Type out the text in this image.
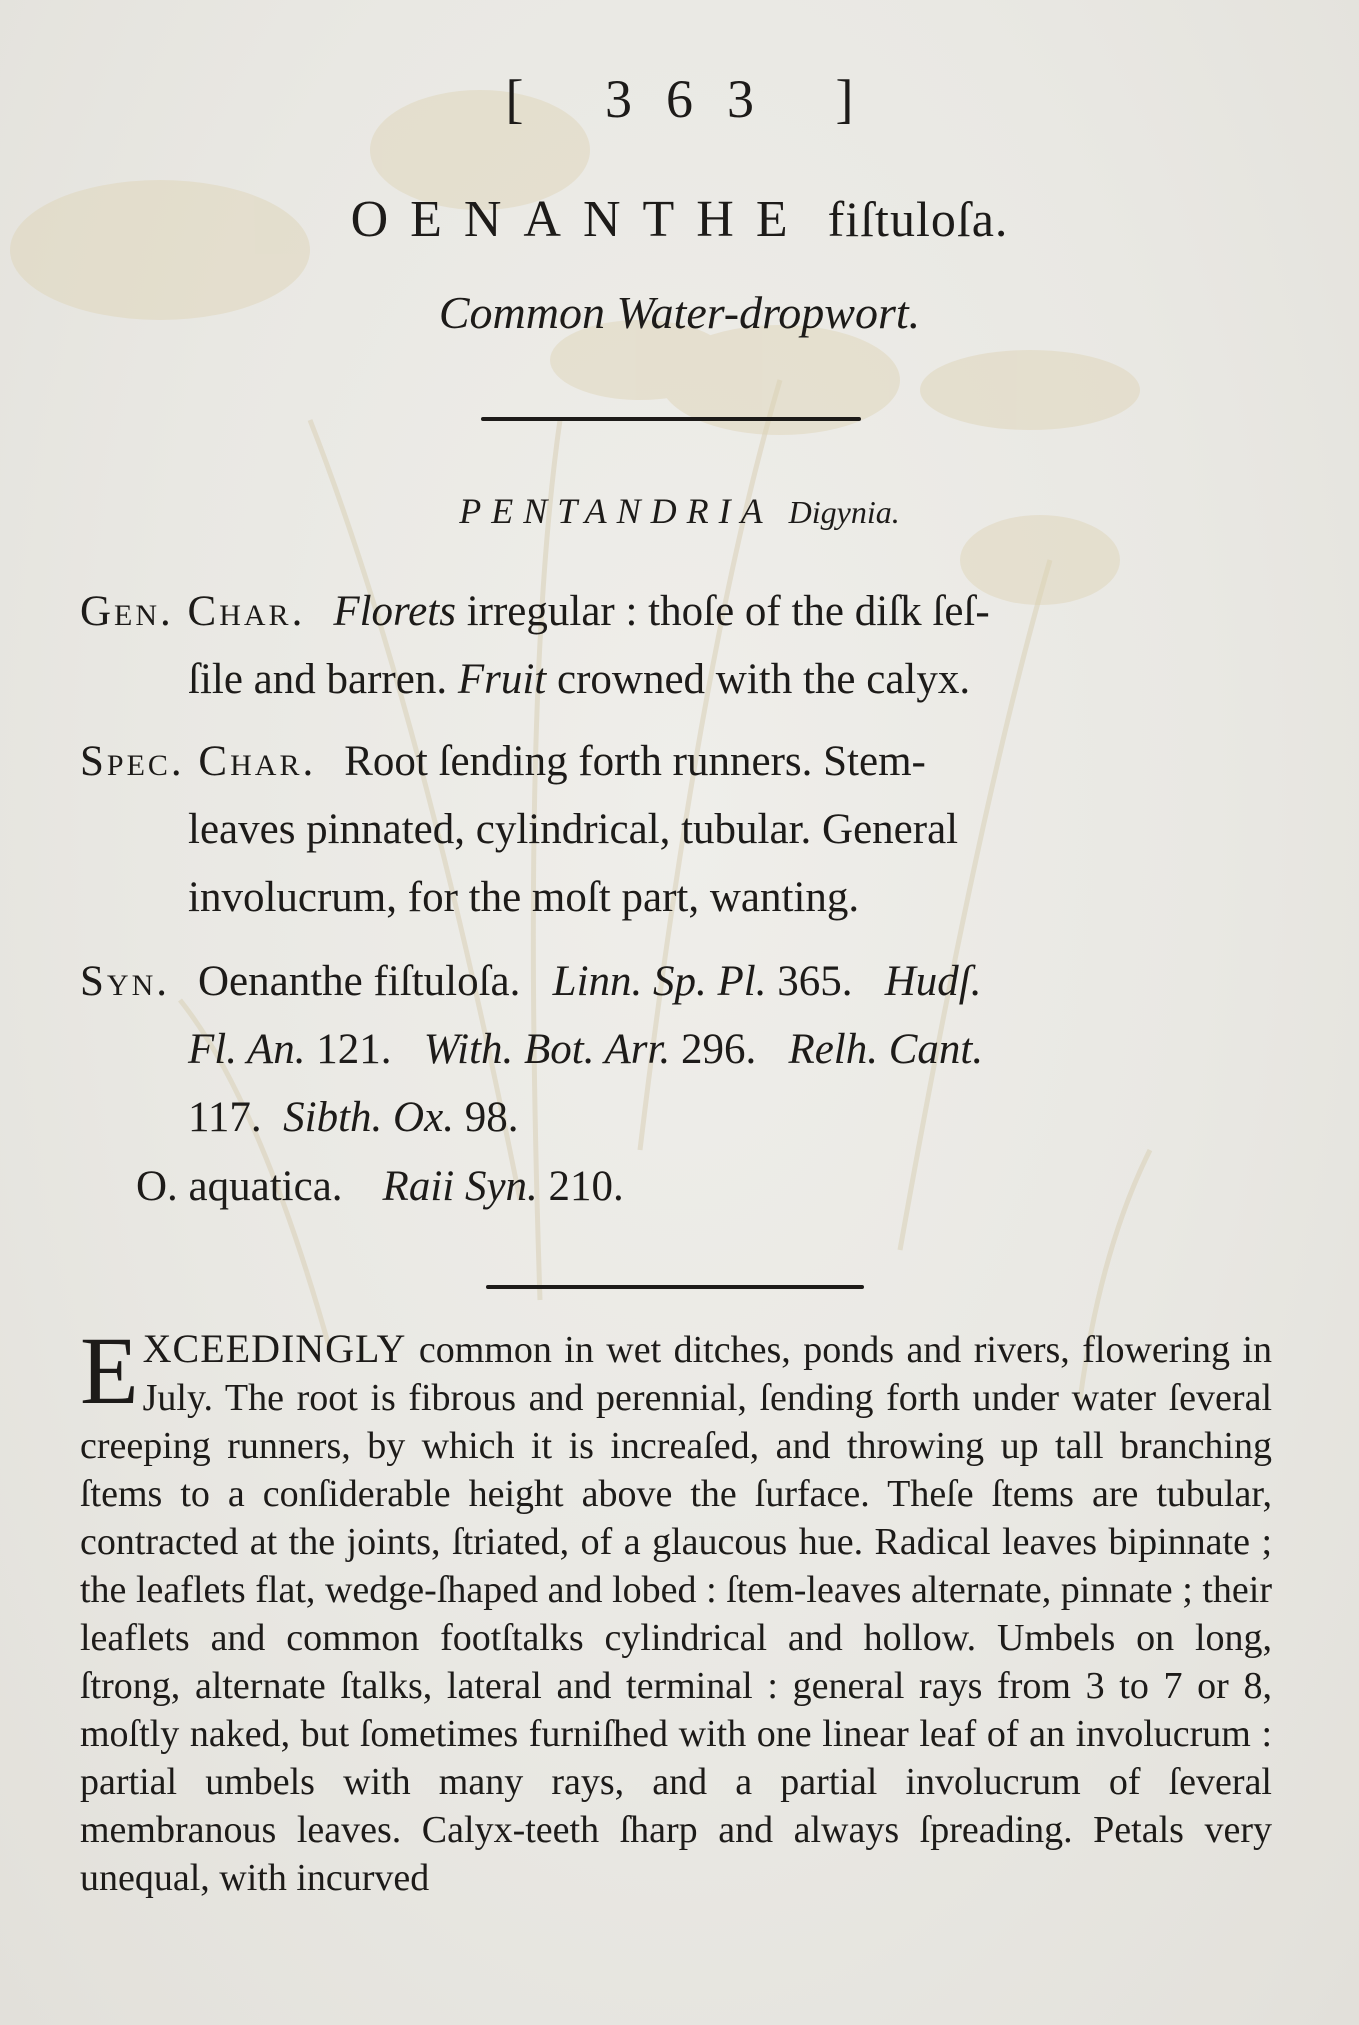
[ 363 ]
OENANTHE fiſtuloſa.
Common Water-dropwort.
PENTANDRIA Digynia.
Gen. Char. Florets irregular : thoſe of the diſk ſeſ-
ſile and barren. Fruit crowned with the calyx.
Spec. Char. Root ſending forth runners. Stem-
leaves pinnated, cylindrical, tubular. General
involucrum, for the moſt part, wanting.
Syn. Oenanthe fiſtuloſa. Linn. Sp. Pl. 365. Hudſ.
Fl. An. 121. With. Bot. Arr. 296. Relh. Cant.
117. Sibth. Ox. 98.
O. aquatica. Raii Syn. 210.
EXCEEDINGLY common in wet ditches, ponds and rivers, flowering in July. The root is fibrous and perennial, ſending forth under water ſeveral creeping runners, by which it is increaſed, and throwing up tall branching ſtems to a conſiderable height above the ſurface. Theſe ſtems are tubular, contracted at the joints, ſtriated, of a glaucous hue. Radical leaves bipinnate ; the leaflets flat, wedge-ſhaped and lobed : ſtem-leaves alternate, pinnate ; their leaflets and common footſtalks cylindrical and hollow. Umbels on long, ſtrong, alternate ſtalks, lateral and terminal : general rays from 3 to 7 or 8, moſtly naked, but ſometimes furniſhed with one linear leaf of an involucrum : partial umbels with many rays, and a partial involucrum of ſeveral membranous leaves. Calyx-teeth ſharp and always ſpreading. Petals very unequal, with incurved
